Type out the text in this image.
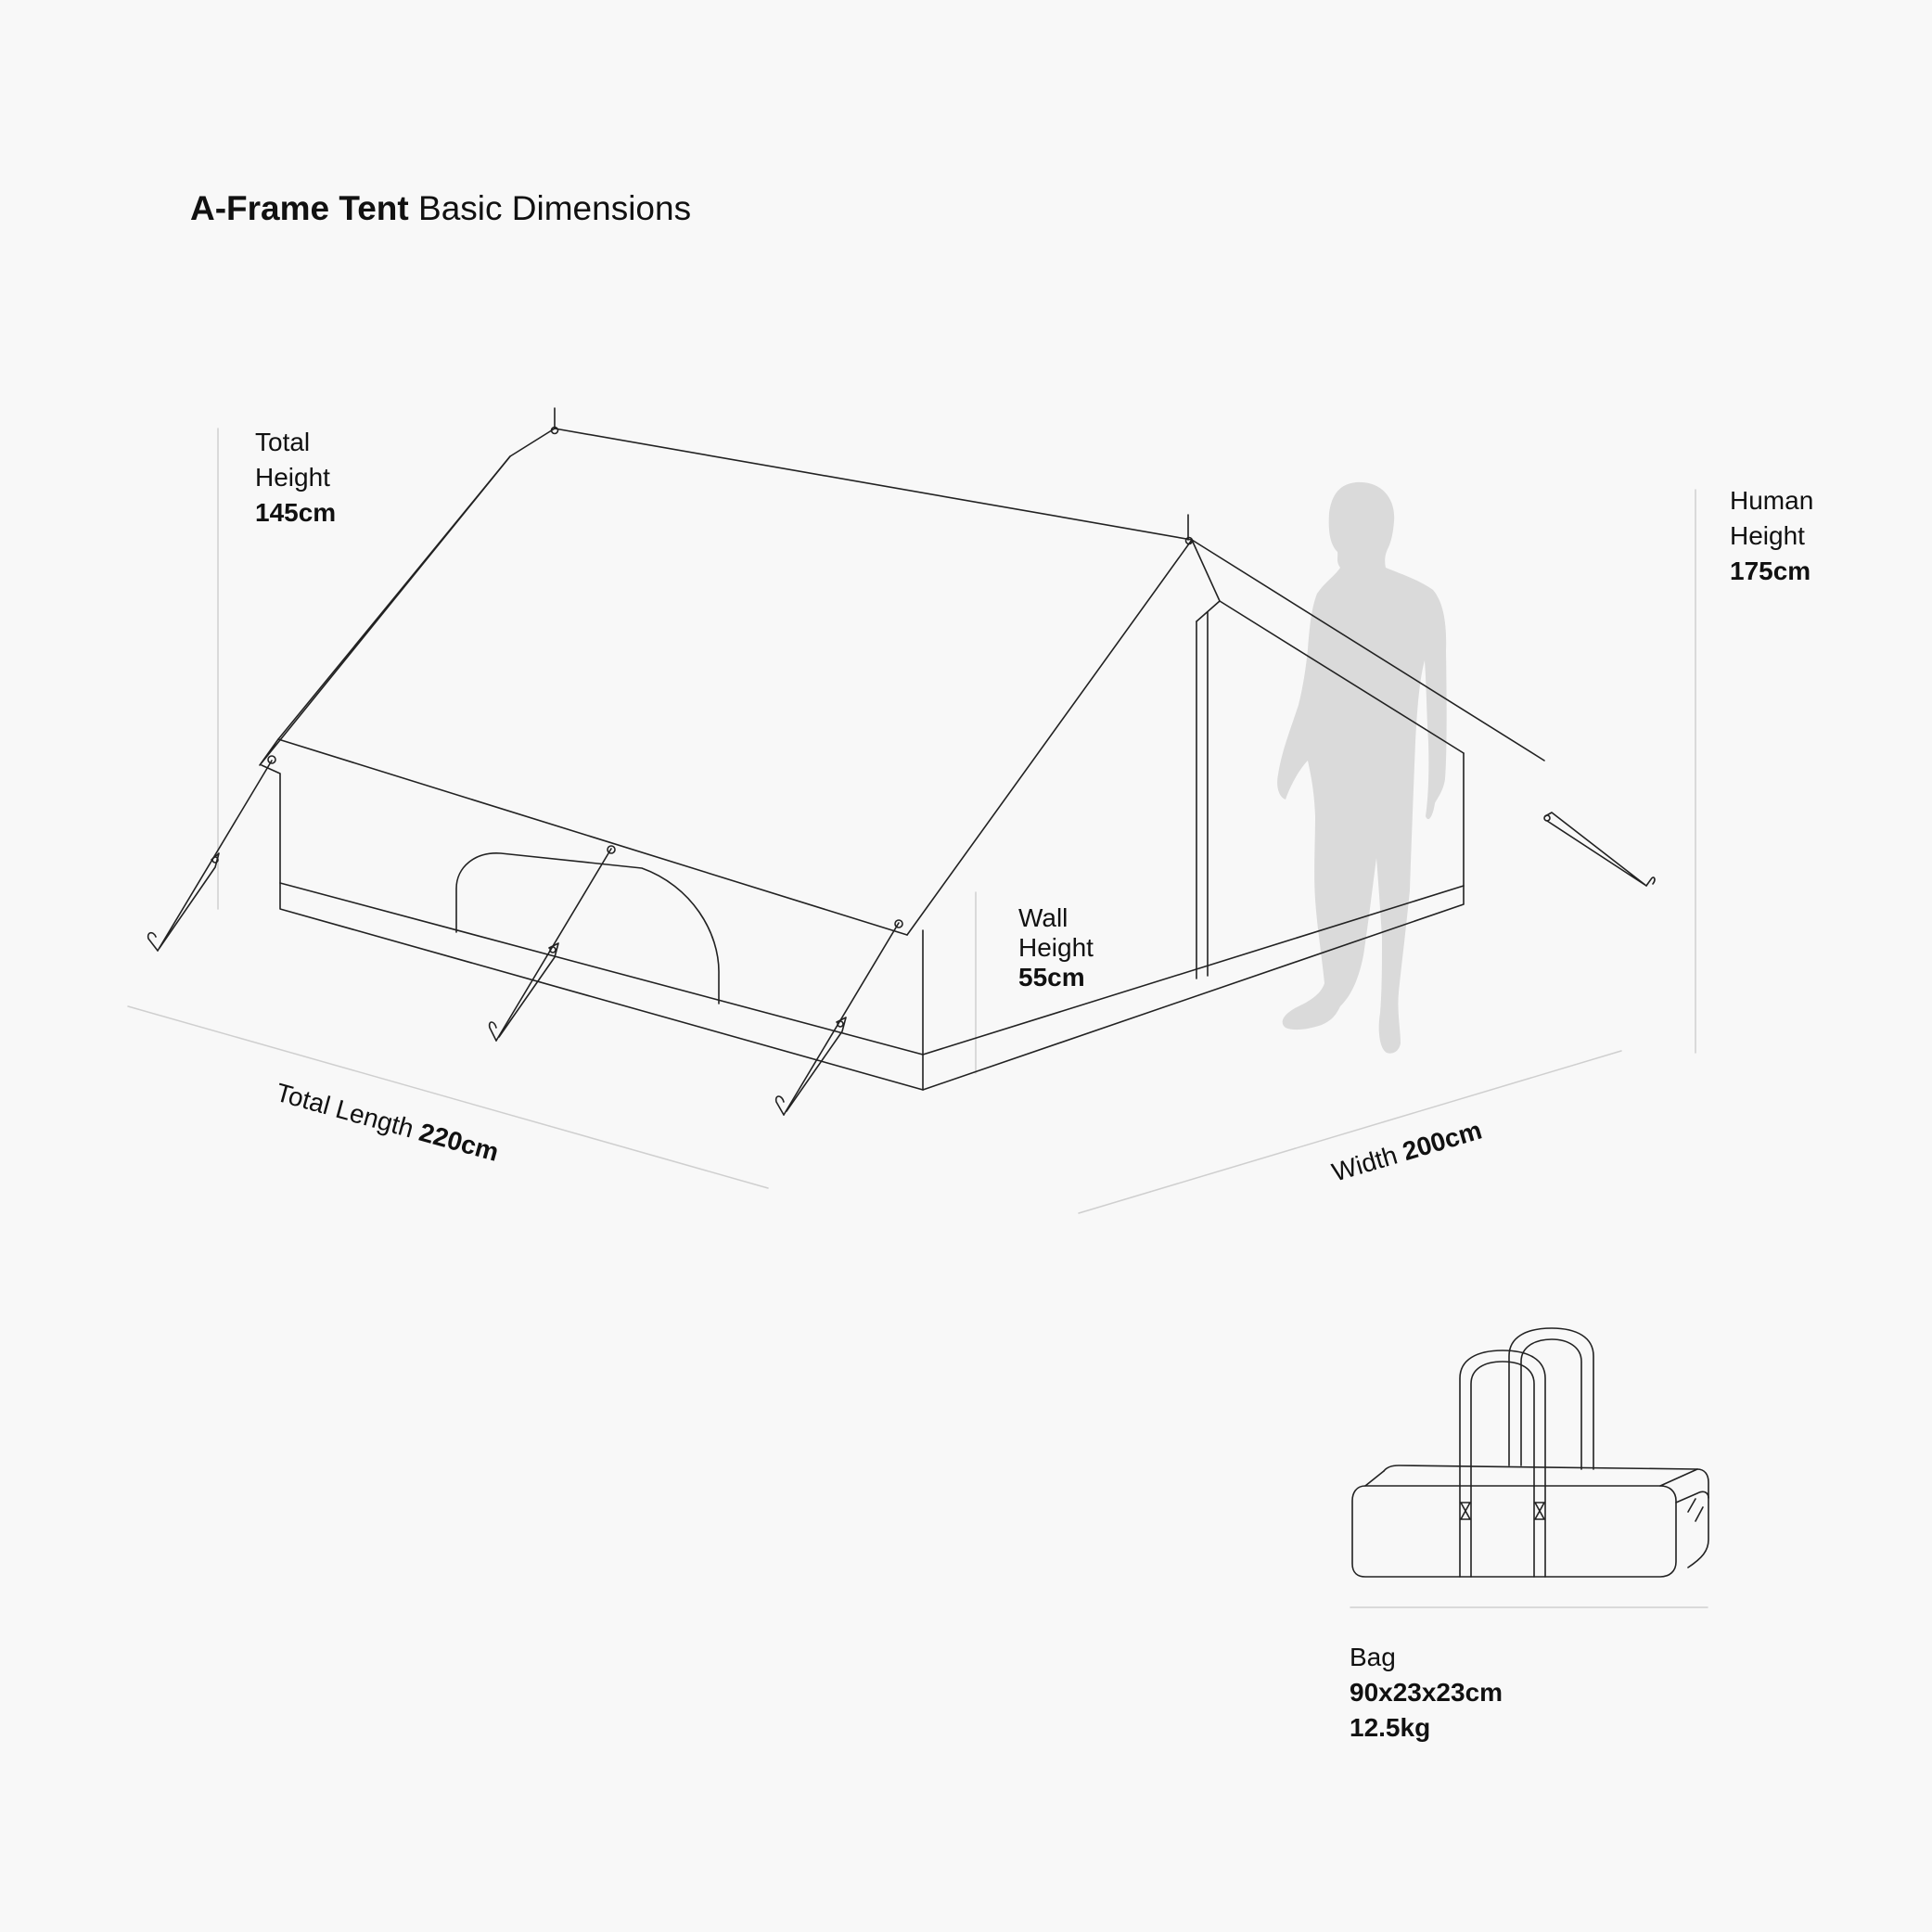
A-Frame Tent Basic Dimensions
Total
Height
145cm	Human
Height
175cm
Wall
Height
55cm
Total Length 220cm	Width 200cm
Bag
90x23x23cm
12.5kg
